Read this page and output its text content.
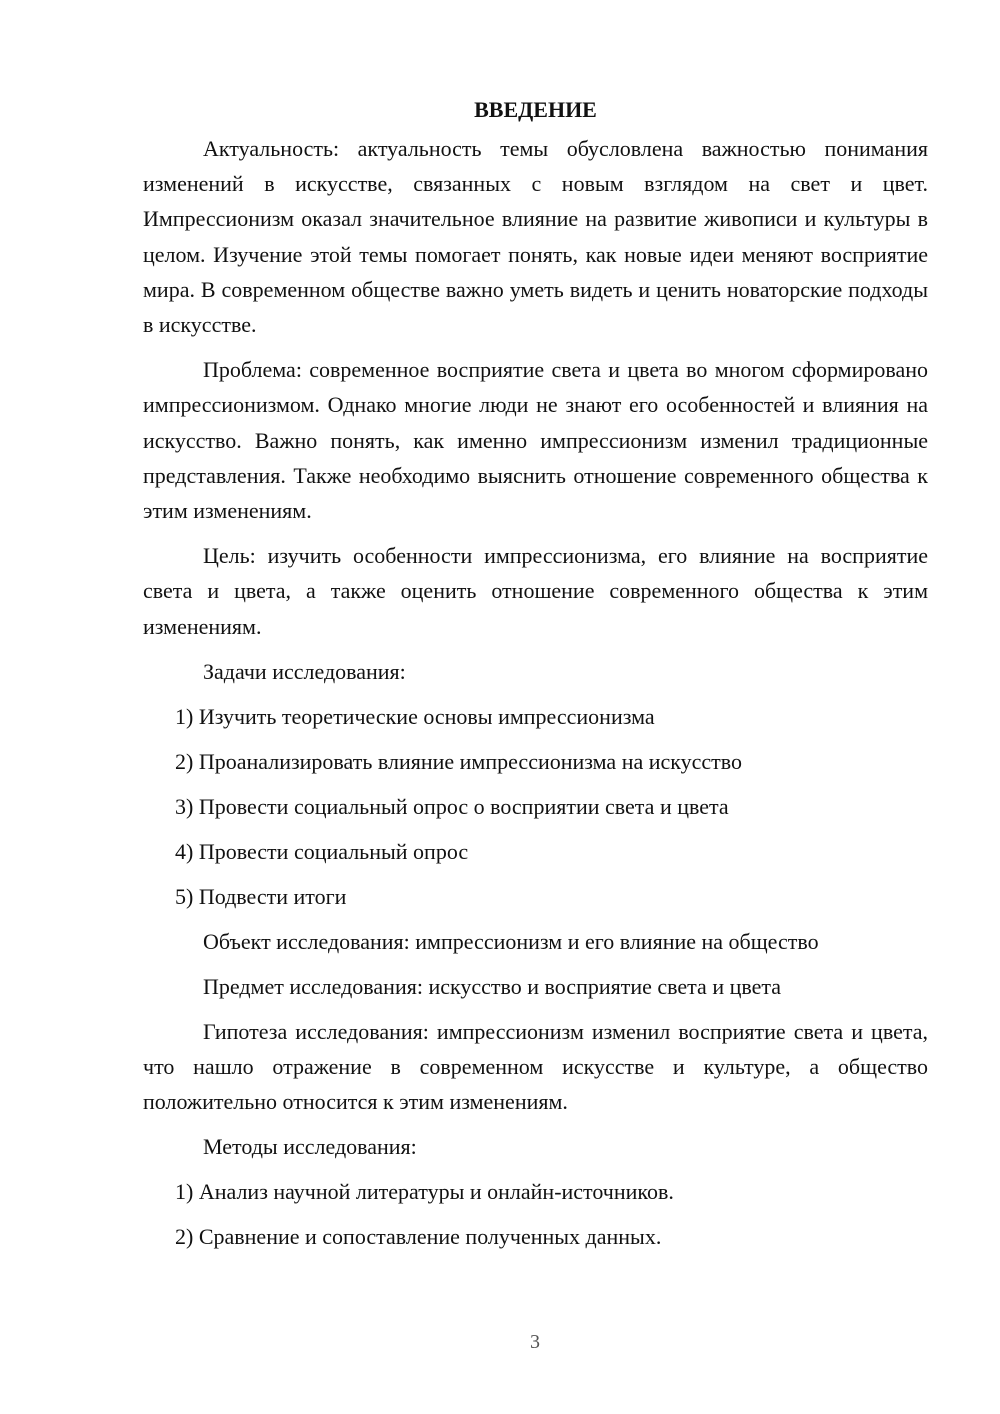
ВВЕДЕНИЕ

Актуальность: актуальность темы обусловлена важностью понимания изменений в искусстве, связанных с новым взглядом на свет и цвет. Импрессионизм оказал значительное влияние на развитие живописи и культуры в целом. Изучение этой темы помогает понять, как новые идеи меняют восприятие мира. В современном обществе важно уметь видеть и ценить новаторские подходы в искусстве.

Проблема: современное восприятие света и цвета во многом сформировано импрессионизмом. Однако многие люди не знают его особенностей и влияния на искусство. Важно понять, как именно импрессионизм изменил традиционные представления. Также необходимо выяснить отношение современного общества к этим изменениям.

Цель: изучить особенности импрессионизма, его влияние на восприятие света и цвета, а также оценить отношение современного общества к этим изменениям.

Задачи исследования:

1) Изучить теоретические основы импрессионизма

2) Проанализировать влияние импрессионизма на искусство

3) Провести социальный опрос о восприятии света и цвета

4) Провести социальный опрос

5) Подвести итоги

Объект исследования: импрессионизм и его влияние на общество

Предмет исследования: искусство и восприятие света и цвета

Гипотеза исследования: импрессионизм изменил восприятие света и цвета, что нашло отражение в современном искусстве и культуре, а общество положительно относится к этим изменениям.

Методы исследования:

1) Анализ научной литературы и онлайн-источников.

2) Сравнение и сопоставление полученных данных.

3
